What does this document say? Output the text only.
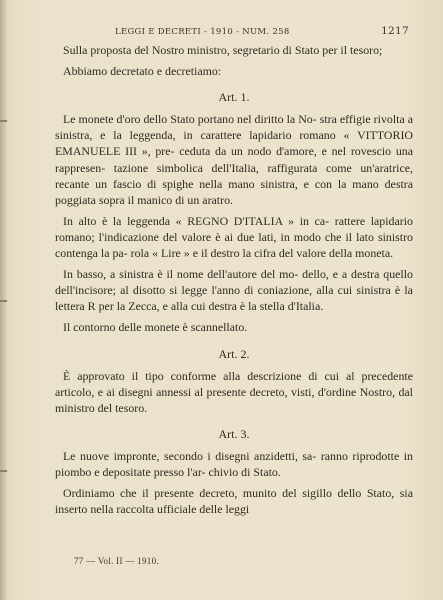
LEGGI E DECRETI - 1910 - NUM. 258	1217

Sulla proposta del Nostro ministro, segretario di Stato per il tesoro;

Abbiamo decretato e decretiamo:

Art. 1.

Le monete d'oro dello Stato portano nel diritto la No- stra effigie rivolta a sinistra, e la leggenda, in carattere lapidario romano « VITTORIO EMANUELE III », pre- ceduta da un nodo d'amore, e nel rovescio una rappresen- tazione simbolica dell'Italia, raffigurata come un'aratrice, recante un fascio di spighe nella mano sinistra, e con la mano destra poggiata sopra il manico di un aratro.

In alto è la leggenda « REGNO D'ITALIA » in ca- rattere lapidario romano; l'indicazione del valore è ai due lati, in modo che il lato sinistro contenga la pa- rola « Lire » e il destro la cifra del valore della moneta.

In basso, a sinistra è il nome dell'autore del mo- dello, e a destra quello dell'incisore; al disotto si legge l'anno di coniazione, alla cui sinistra è la lettera R per la Zecca, e alla cui destra è la stella d'Italia.

Il contorno delle monete è scannellato.

Art. 2.

È approvato il tipo conforme alla descrizione di cui al precedente articolo, e ai disegni annessi al presente decreto, visti, d'ordine Nostro, dal ministro del tesoro.

Art. 3.

Le nuove impronte, secondo i disegni anzidetti, sa- ranno riprodotte in piombo e depositate presso l'ar- chivio di Stato.

Ordiniamo che il presente decreto, munito del sigillo dello Stato, sia inserto nella raccolta ufficiale delle leggi

77 — Vol. II — 1910.
